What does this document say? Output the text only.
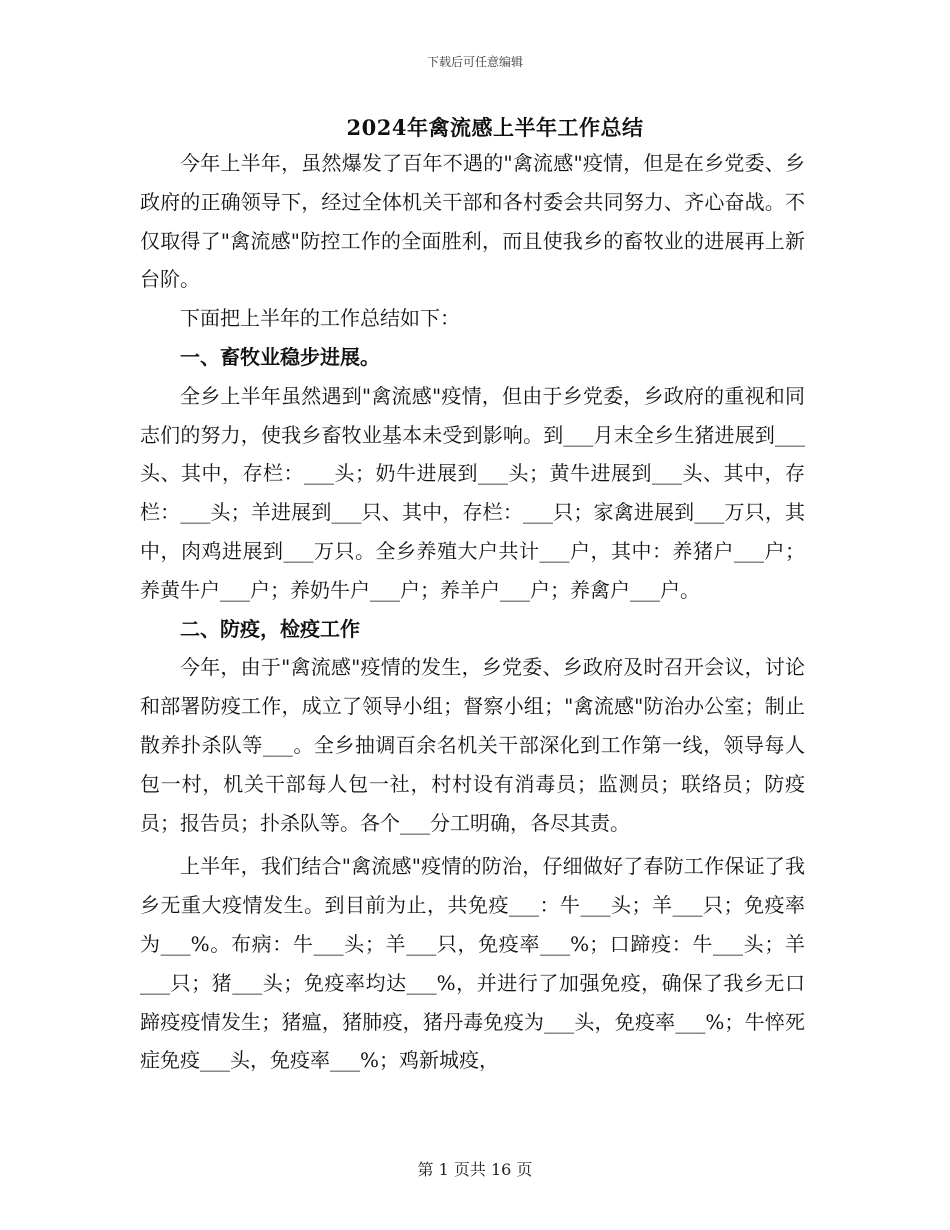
下载后可任意编辑
2024年禽流感上半年工作总结

今年上半年，虽然爆发了百年不遇的"禽流感"疫情，但是在乡党委、乡政府的正确领导下，经过全体机关干部和各村委会共同努力、齐心奋战。不仅取得了"禽流感"防控工作的全面胜利，而且使我乡的畜牧业的进展再上新台阶。

下面把上半年的工作总结如下：

一、畜牧业稳步进展。

全乡上半年虽然遇到"禽流感"疫情，但由于乡党委，乡政府的重视和同志们的努力，使我乡畜牧业基本未受到影响。到___月末全乡生猪进展到___头、其中，存栏：___头；奶牛进展到___头；黄牛进展到___头、其中，存栏：___头；羊进展到___只、其中，存栏：___只；家禽进展到___万只，其中，肉鸡进展到___万只。全乡养殖大户共计___户，其中：养猪户___户；养黄牛户___户；养奶牛户___户；养羊户___户；养禽户___户。

二、防疫，检疫工作

今年，由于"禽流感"疫情的发生，乡党委、乡政府及时召开会议，讨论和部署防疫工作，成立了领导小组；督察小组；"禽流感"防治办公室；制止散养扑杀队等___。全乡抽调百余名机关干部深化到工作第一线，领导每人包一村，机关干部每人包一社，村村设有消毒员；监测员；联络员；防疫员；报告员；扑杀队等。各个___分工明确，各尽其责。

上半年，我们结合"禽流感"疫情的防治，仔细做好了春防工作保证了我乡无重大疫情发生。到目前为止，共免疫___：牛___头；羊___只；免疫率为___%。布病：牛___头；羊___只，免疫率___%；口蹄疫：牛___头；羊___只；猪___头；免疫率均达___%，并进行了加强免疫，确保了我乡无口蹄疫疫情发生；猪瘟，猪肺疫，猪丹毒免疫为___头，免疫率___%；牛悴死症免疫___头，免疫率___%；鸡新城疫，

第 1 页共 16 页
